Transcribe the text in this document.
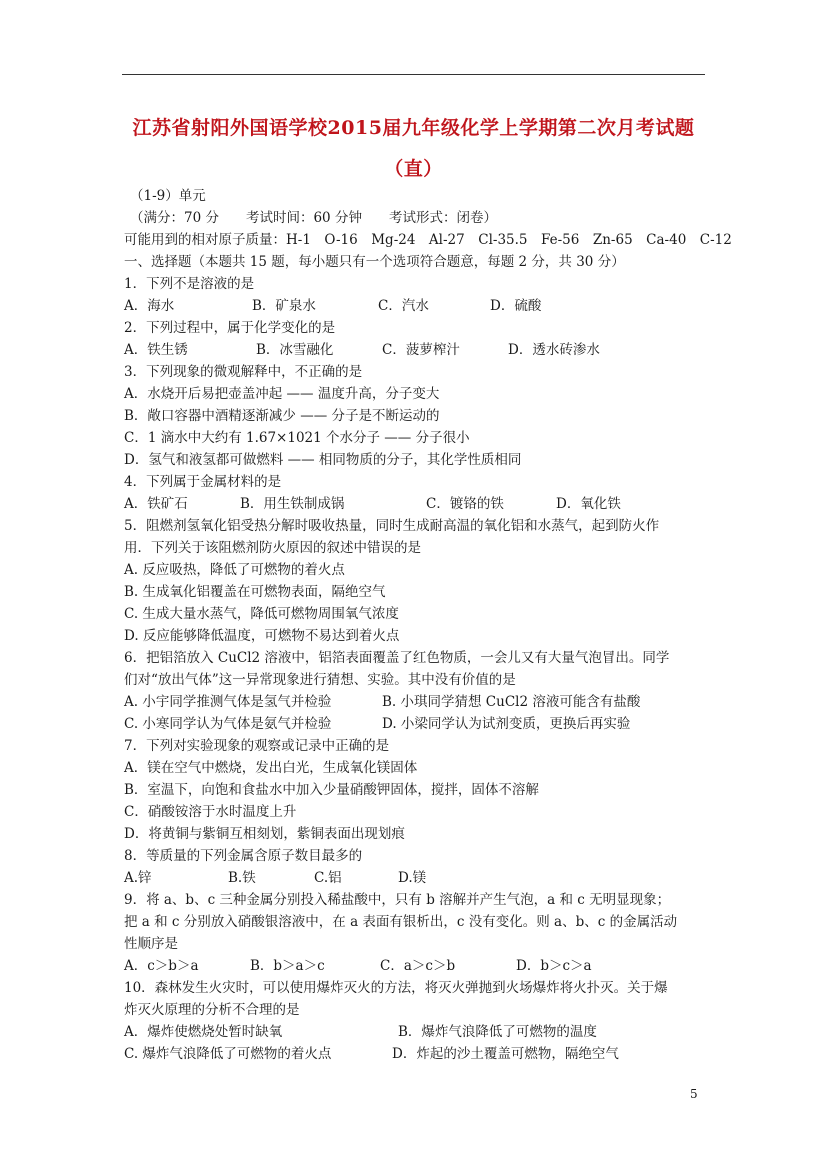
江苏省射阳外国语学校2015届九年级化学上学期第二次月考试题
（直）
（1-9）单元
（满分：70 分　　考试时间：60 分钟　　考试形式：闭卷）
可能用到的相对原子质量：H-1　O-16　Mg-24　Al-27　Cl-35.5　Fe-56　Zn-65　Ca-40　C-12
一、选择题（本题共 15 题，每小题只有一个选项符合题意，每题 2 分，共 30 分）
1．下列不是溶液的是
A．海水	B．矿泉水	C．汽水	D．硫酸
2．下列过程中，属于化学变化的是
A．铁生锈	B．冰雪融化	C．菠萝榨汁	D．透水砖渗水
3．下列现象的微观解释中，不正确的是
A．水烧开后易把壶盖冲起 —— 温度升高，分子变大
B．敞口容器中酒精逐渐减少 —— 分子是不断运动的
C．1 滴水中大约有 1.67×1021 个水分子 —— 分子很小
D．氢气和液氢都可做燃料 —— 相同物质的分子，其化学性质相同
4．下列属于金属材料的是
A．铁矿石	B．用生铁制成锅	C．镀铬的铁	D．氧化铁
5．阻燃剂氢氧化铝受热分解时吸收热量，同时生成耐高温的氧化铝和水蒸气，起到防火作
用．下列关于该阻燃剂防火原因的叙述中错误的是
A. 反应吸热，降低了可燃物的着火点
B. 生成氧化铝覆盖在可燃物表面，隔绝空气
C. 生成大量水蒸气，降低可燃物周围氧气浓度
D. 反应能够降低温度，可燃物不易达到着火点
6．把铝箔放入 CuCl2 溶液中，铝箔表面覆盖了红色物质，一会儿又有大量气泡冒出。同学
们对“放出气体”这一异常现象进行猜想、实验。其中没有价值的是
A. 小宇同学推测气体是氢气并检验	B. 小琪同学猜想 CuCl2 溶液可能含有盐酸
C. 小寒同学认为气体是氨气并检验	D. 小梁同学认为试剂变质，更换后再实验
7．下列对实验现象的观察或记录中正确的是
A．镁在空气中燃烧，发出白光，生成氧化镁固体
B．室温下，向饱和食盐水中加入少量硝酸钾固体，搅拌，固体不溶解
C．硝酸铵溶于水时温度上升
D．将黄铜与紫铜互相刻划，紫铜表面出现划痕
8．等质量的下列金属含原子数目最多的
A.锌	B.铁	C.铝	D.镁
9．将 a、b、c 三种金属分别投入稀盐酸中，只有 b 溶解并产生气泡，a 和 c 无明显现象；
把 a 和 c 分别放入硝酸银溶液中，在 a 表面有银析出，c 没有变化。则 a、b、c 的金属活动
性顺序是
A．c＞b＞a	B．b＞a＞c	C．a＞c＞b	D．b＞c＞a
10．森林发生火灾时，可以使用爆炸灭火的方法，将灭火弹抛到火场爆炸将火扑灭。关于爆
炸灭火原理的分析不合理的是
A．爆炸使燃烧处暂时缺氧	B．爆炸气浪降低了可燃物的温度
C. 爆炸气浪降低了可燃物的着火点	D．炸起的沙土覆盖可燃物，隔绝空气
5
